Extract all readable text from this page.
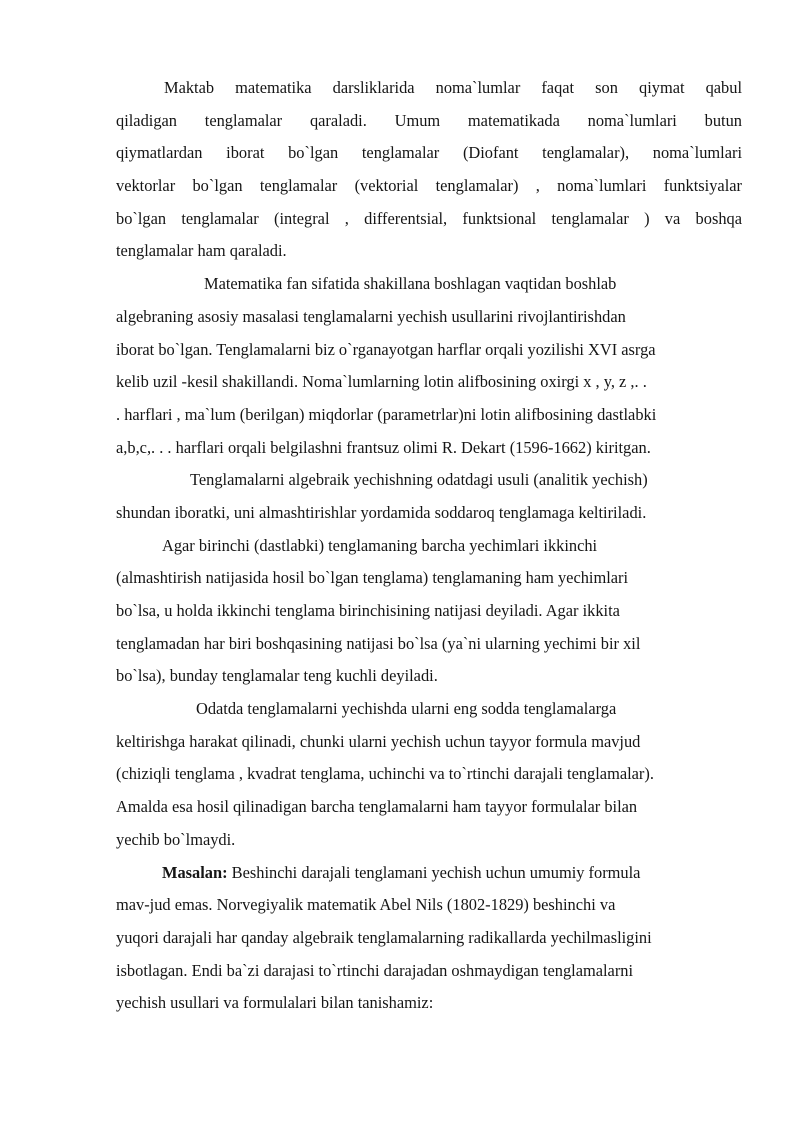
Maktab matematika darsliklarida noma`lumlar faqat son qiymat qabul
qiladigan tenglamalar qaraladi. Umum matematikada noma`lumlari butun
qiymatlardan iborat bo`lgan tenglamalar (Diofant tenglamalar), noma`lumlari
vektorlar bo`lgan tenglamalar (vektorial tenglamalar) , noma`lumlari funktsiyalar
bo`lgan tenglamalar (integral , differentsial, funktsional tenglamalar ) va boshqa
tenglamalar ham qaraladi.
Matematika fan sifatida shakillana boshlagan vaqtidan boshlab
algebraning asosiy masalasi tenglamalarni yechish usullarini rivojlantirishdan
iborat bo`lgan. Tenglamalarni biz o`rganayotgan harflar orqali yozilishi XVI asrga
kelib uzil -kesil shakillandi. Noma`lumlarning lotin alifbosining oxirgi x , y, z ,. .
. harflari , ma`lum (berilgan) miqdorlar (parametrlar)ni lotin alifbosining dastlabki
a,b,c,. . . harflari orqali belgilashni frantsuz olimi R. Dekart (1596-1662) kiritgan.
Tenglamalarni algebraik yechishning odatdagi usuli (analitik yechish)
shundan iboratki, uni almashtirishlar yordamida soddaroq tenglamaga keltiriladi.
Agar birinchi (dastlabki) tenglamaning barcha yechimlari ikkinchi
(almashtirish natijasida hosil bo`lgan tenglama) tenglamaning ham yechimlari
bo`lsa, u holda ikkinchi tenglama birinchisining natijasi deyiladi. Agar ikkita
tenglamadan har biri boshqasining natijasi bo`lsa (ya`ni ularning yechimi bir xil
bo`lsa), bunday tenglamalar teng kuchli deyiladi.
Odatda tenglamalarni yechishda ularni eng sodda tenglamalarga
keltirishga harakat qilinadi, chunki ularni yechish uchun tayyor formula mavjud
(chiziqli tenglama , kvadrat tenglama, uchinchi va to`rtinchi darajali tenglamalar).
Amalda esa hosil qilinadigan barcha tenglamalarni ham tayyor formulalar bilan
yechib bo`lmaydi.
Masalan: Beshinchi darajali tenglamani yechish uchun umumiy formula
mav-jud emas. Norvegiyalik matematik Abel Nils (1802-1829) beshinchi va
yuqori darajali har qanday algebraik tenglamalarning radikallarda yechilmasligini
isbotlagan. Endi ba`zi darajasi to`rtinchi darajadan oshmaydigan tenglamalarni
yechish usullari va formulalari bilan tanishamiz:
